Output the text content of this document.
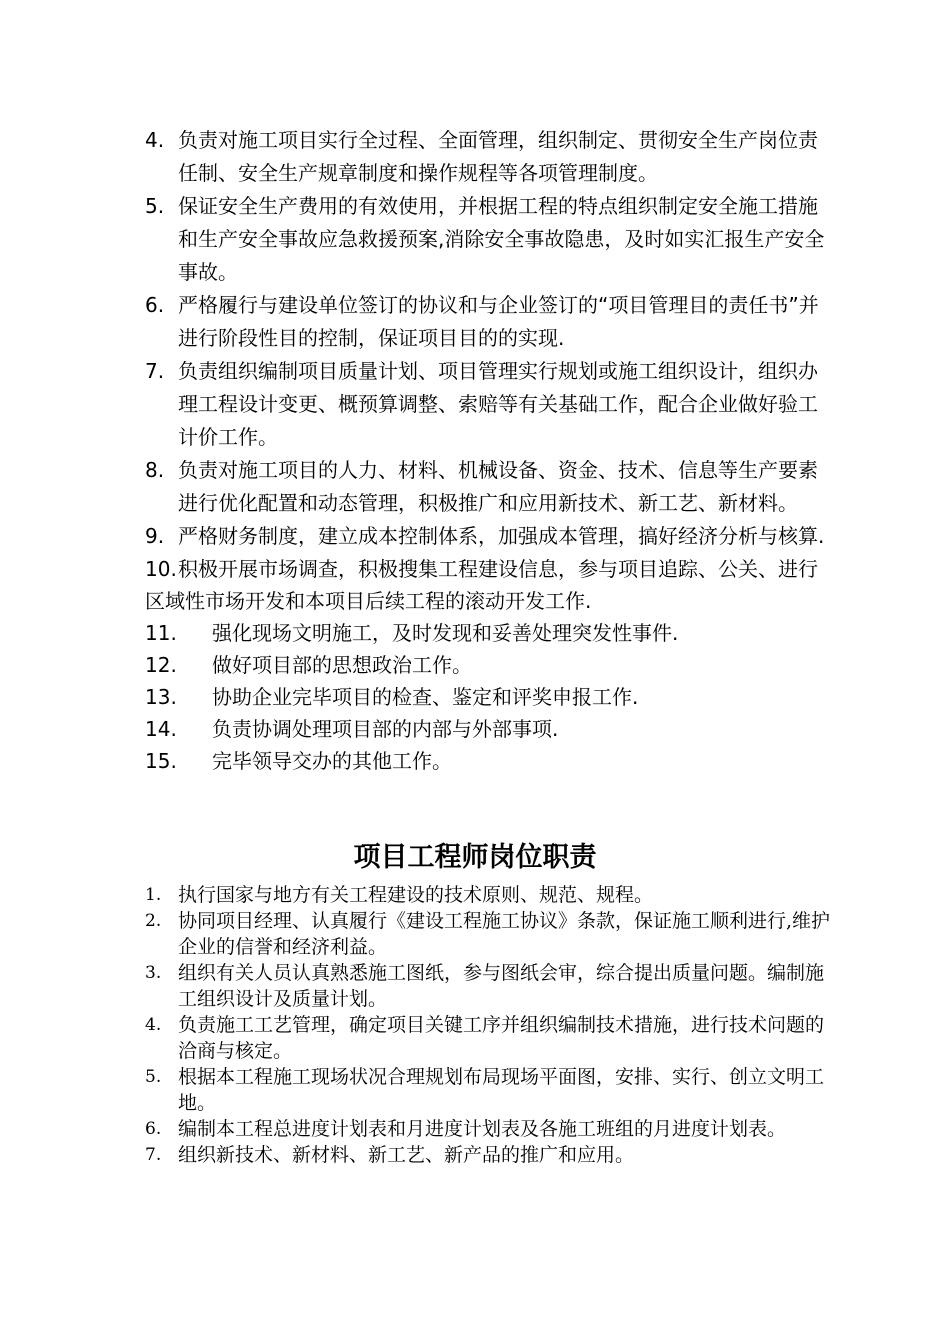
4. 负责对施工项目实行全过程、全面管理，组织制定、贯彻安全生产岗位责任制、安全生产规章制度和操作规程等各项管理制度。
5. 保证安全生产费用的有效使用，并根据工程的特点组织制定安全施工措施和生产安全事故应急救援预案,消除安全事故隐患，及时如实汇报生产安全事故。
6. 严格履行与建设单位签订的协议和与企业签订的“项目管理目的责任书”并进行阶段性目的控制，保证项目目的的实现.
7. 负责组织编制项目质量计划、项目管理实行规划或施工组织设计，组织办理工程设计变更、概预算调整、索赔等有关基础工作，配合企业做好验工计价工作。
8. 负责对施工项目的人力、材料、机械设备、资金、技术、信息等生产要素进行优化配置和动态管理，积极推广和应用新技术、新工艺、新材料。
9. 严格财务制度，建立成本控制体系，加强成本管理，搞好经济分析与核算.
10. 积极开展市场调查，积极搜集工程建设信息，参与项目追踪、公关、进行区域性市场开发和本项目后续工程的滚动开发工作.
11.	强化现场文明施工，及时发现和妥善处理突发性事件.
12.	做好项目部的思想政治工作。
13.	协助企业完毕项目的检查、鉴定和评奖申报工作.
14.	负责协调处理项目部的内部与外部事项.
15.	完毕领导交办的其他工作。
项目工程师岗位职责
1. 执行国家与地方有关工程建设的技术原则、规范、规程。
2. 协同项目经理、认真履行《建设工程施工协议》条款，保证施工顺利进行,维护企业的信誉和经济利益。
3. 组织有关人员认真熟悉施工图纸，参与图纸会审，综合提出质量问题。编制施工组织设计及质量计划。
4. 负责施工工艺管理，确定项目关键工序并组织编制技术措施，进行技术问题的洽商与核定。
5. 根据本工程施工现场状况合理规划布局现场平面图，安排、实行、创立文明工地。
6. 编制本工程总进度计划表和月进度计划表及各施工班组的月进度计划表。
7. 组织新技术、新材料、新工艺、新产品的推广和应用。
